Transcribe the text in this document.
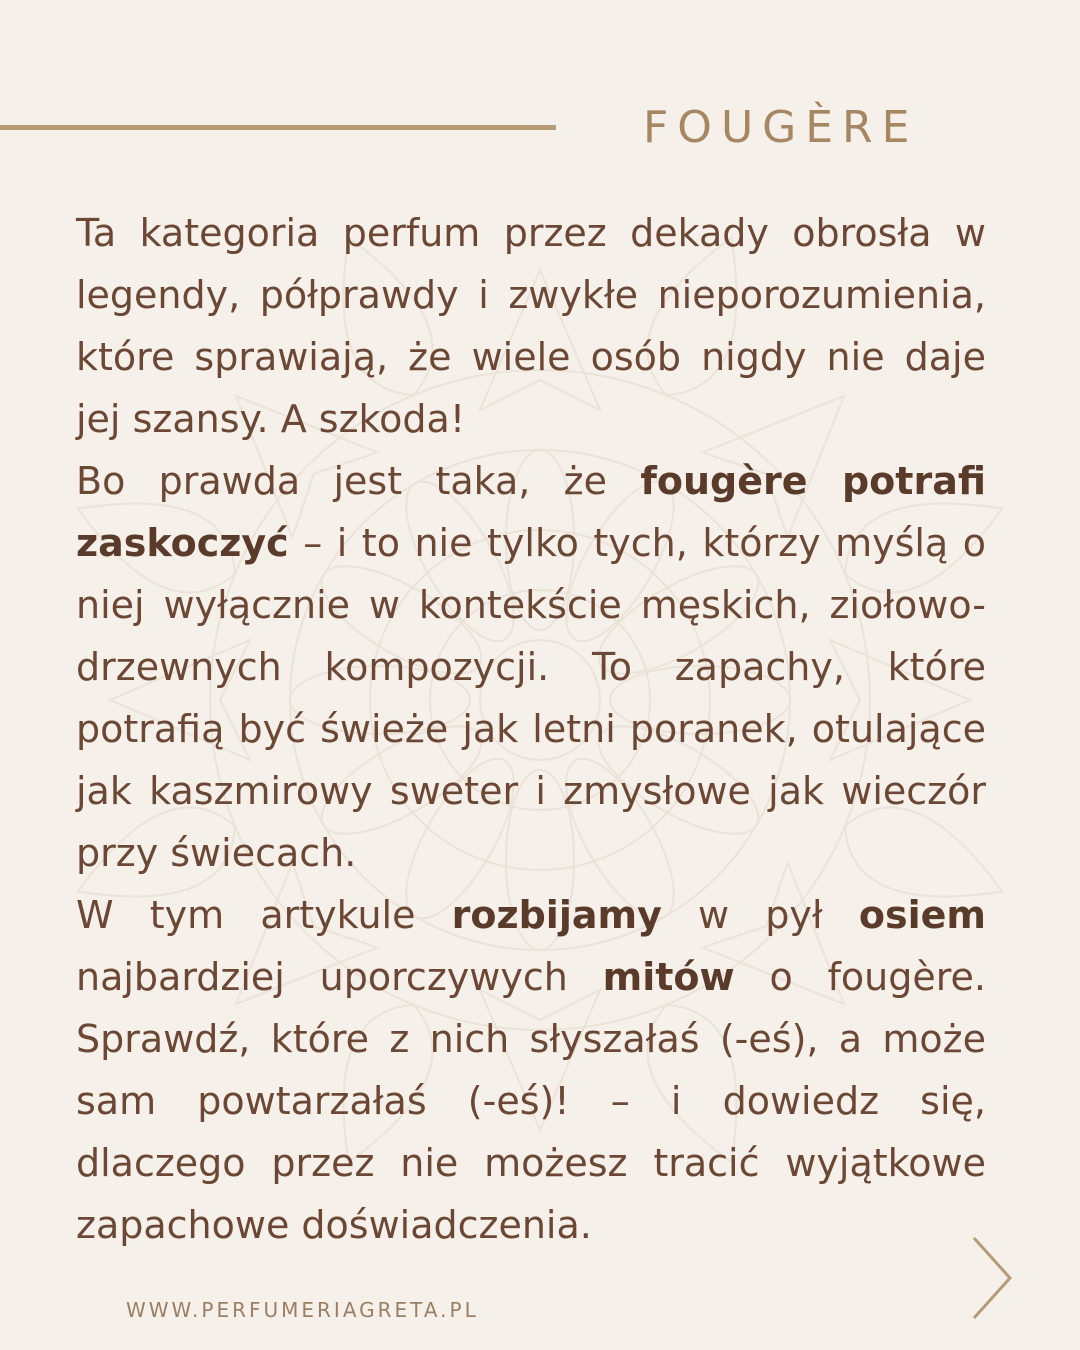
FOUGÈRE

Ta kategoria perfum przez dekady obrosła w legendy, półprawdy i zwykłe nieporozumienia, które sprawiają, że wiele osób nigdy nie daje jej szansy. A szkoda!

Bo prawda jest taka, że fougère potrafi zaskoczyć – i to nie tylko tych, którzy myślą o niej wyłącznie w kontekście męskich, ziołowo-drzewnych kompozycji. To zapachy, które potrafią być świeże jak letni poranek, otulające jak kaszmirowy sweter i zmysłowe jak wieczór przy świecach.

W tym artykule rozbijamy w pył osiem najbardziej uporczywych mitów o fougère. Sprawdź, które z nich słyszałaś (-eś), a może sam powtarzałaś (-eś)! – i dowiedz się, dlaczego przez nie możesz tracić wyjątkowe zapachowe doświadczenia.

WWW.PERFUMERIAGRETA.PL
